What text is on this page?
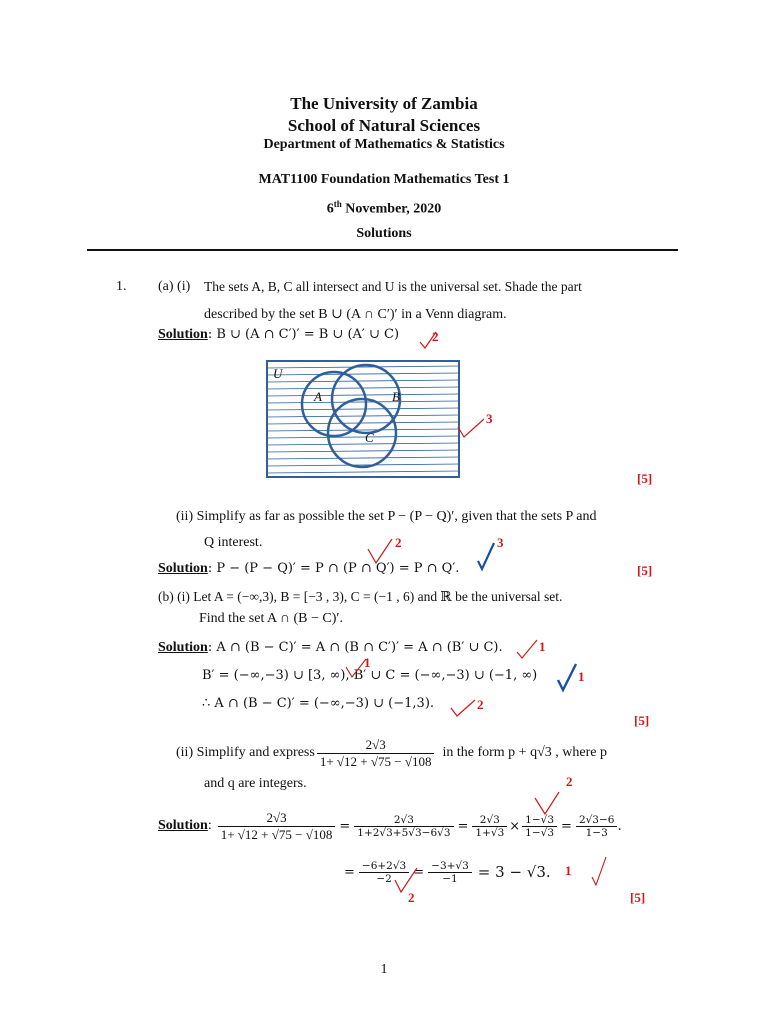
The University of Zambia
School of Natural Sciences
Department of Mathematics & Statistics
MAT1100 Foundation Mathematics Test 1
6th November, 2020
Solutions
1. (a) (i) The sets A, B, C all intersect and U is the universal set. Shade the part
described by the set B ∪ (A ∩ C′)′ in a Venn diagram.
Solution: B ∪ (A ∩ C′)′ = B ∪ (A′ ∪ C)	2
U
A	B
C
3
[5]
(ii) Simplify as far as possible the set P − (P − Q)′, given that the sets P and
Q interest.	2	3
Solution: P − (P − Q)′ = P ∩ (P ∩ Q′) = P ∩ Q′.	[5]
(b) (i) Let A = (−∞,3), B = [−3 , 3), C = (−1 , 6) and ℝ be the universal set.
Find the set A ∩ (B − C)′.
Solution: A ∩ (B − C)′ = A ∩ (B ∩ C′)′ = A ∩ (B′ ∪ C).	1
B′ = (−∞,−3) ∪ [3, ∞), B′ ∪ C = (−∞,−3) ∪ (−1, ∞)
1
1
∴ A ∩ (B − C)′ = (−∞,−3) ∪ (−1,3).	2
[5]
(ii) Simplify and express $\frac{2√3}{1+ √12 + √75 - √108}$ in the form p + q√3 , where p
and q are integers.	2
Solution : $\frac{2√3}{1+ √12 + √75 - √108} = \frac{2√3}{1+2√3+5√3-6√3} = \frac{2√3}{1+√3} \times \frac{1-√3}{1-√3} = \frac{2√3-6}{1-3}$ .
= $\frac{-6+2√3}{-2} = \frac{-3+√3}{-1} = 3 - √3$. 1
2	[5]
1
